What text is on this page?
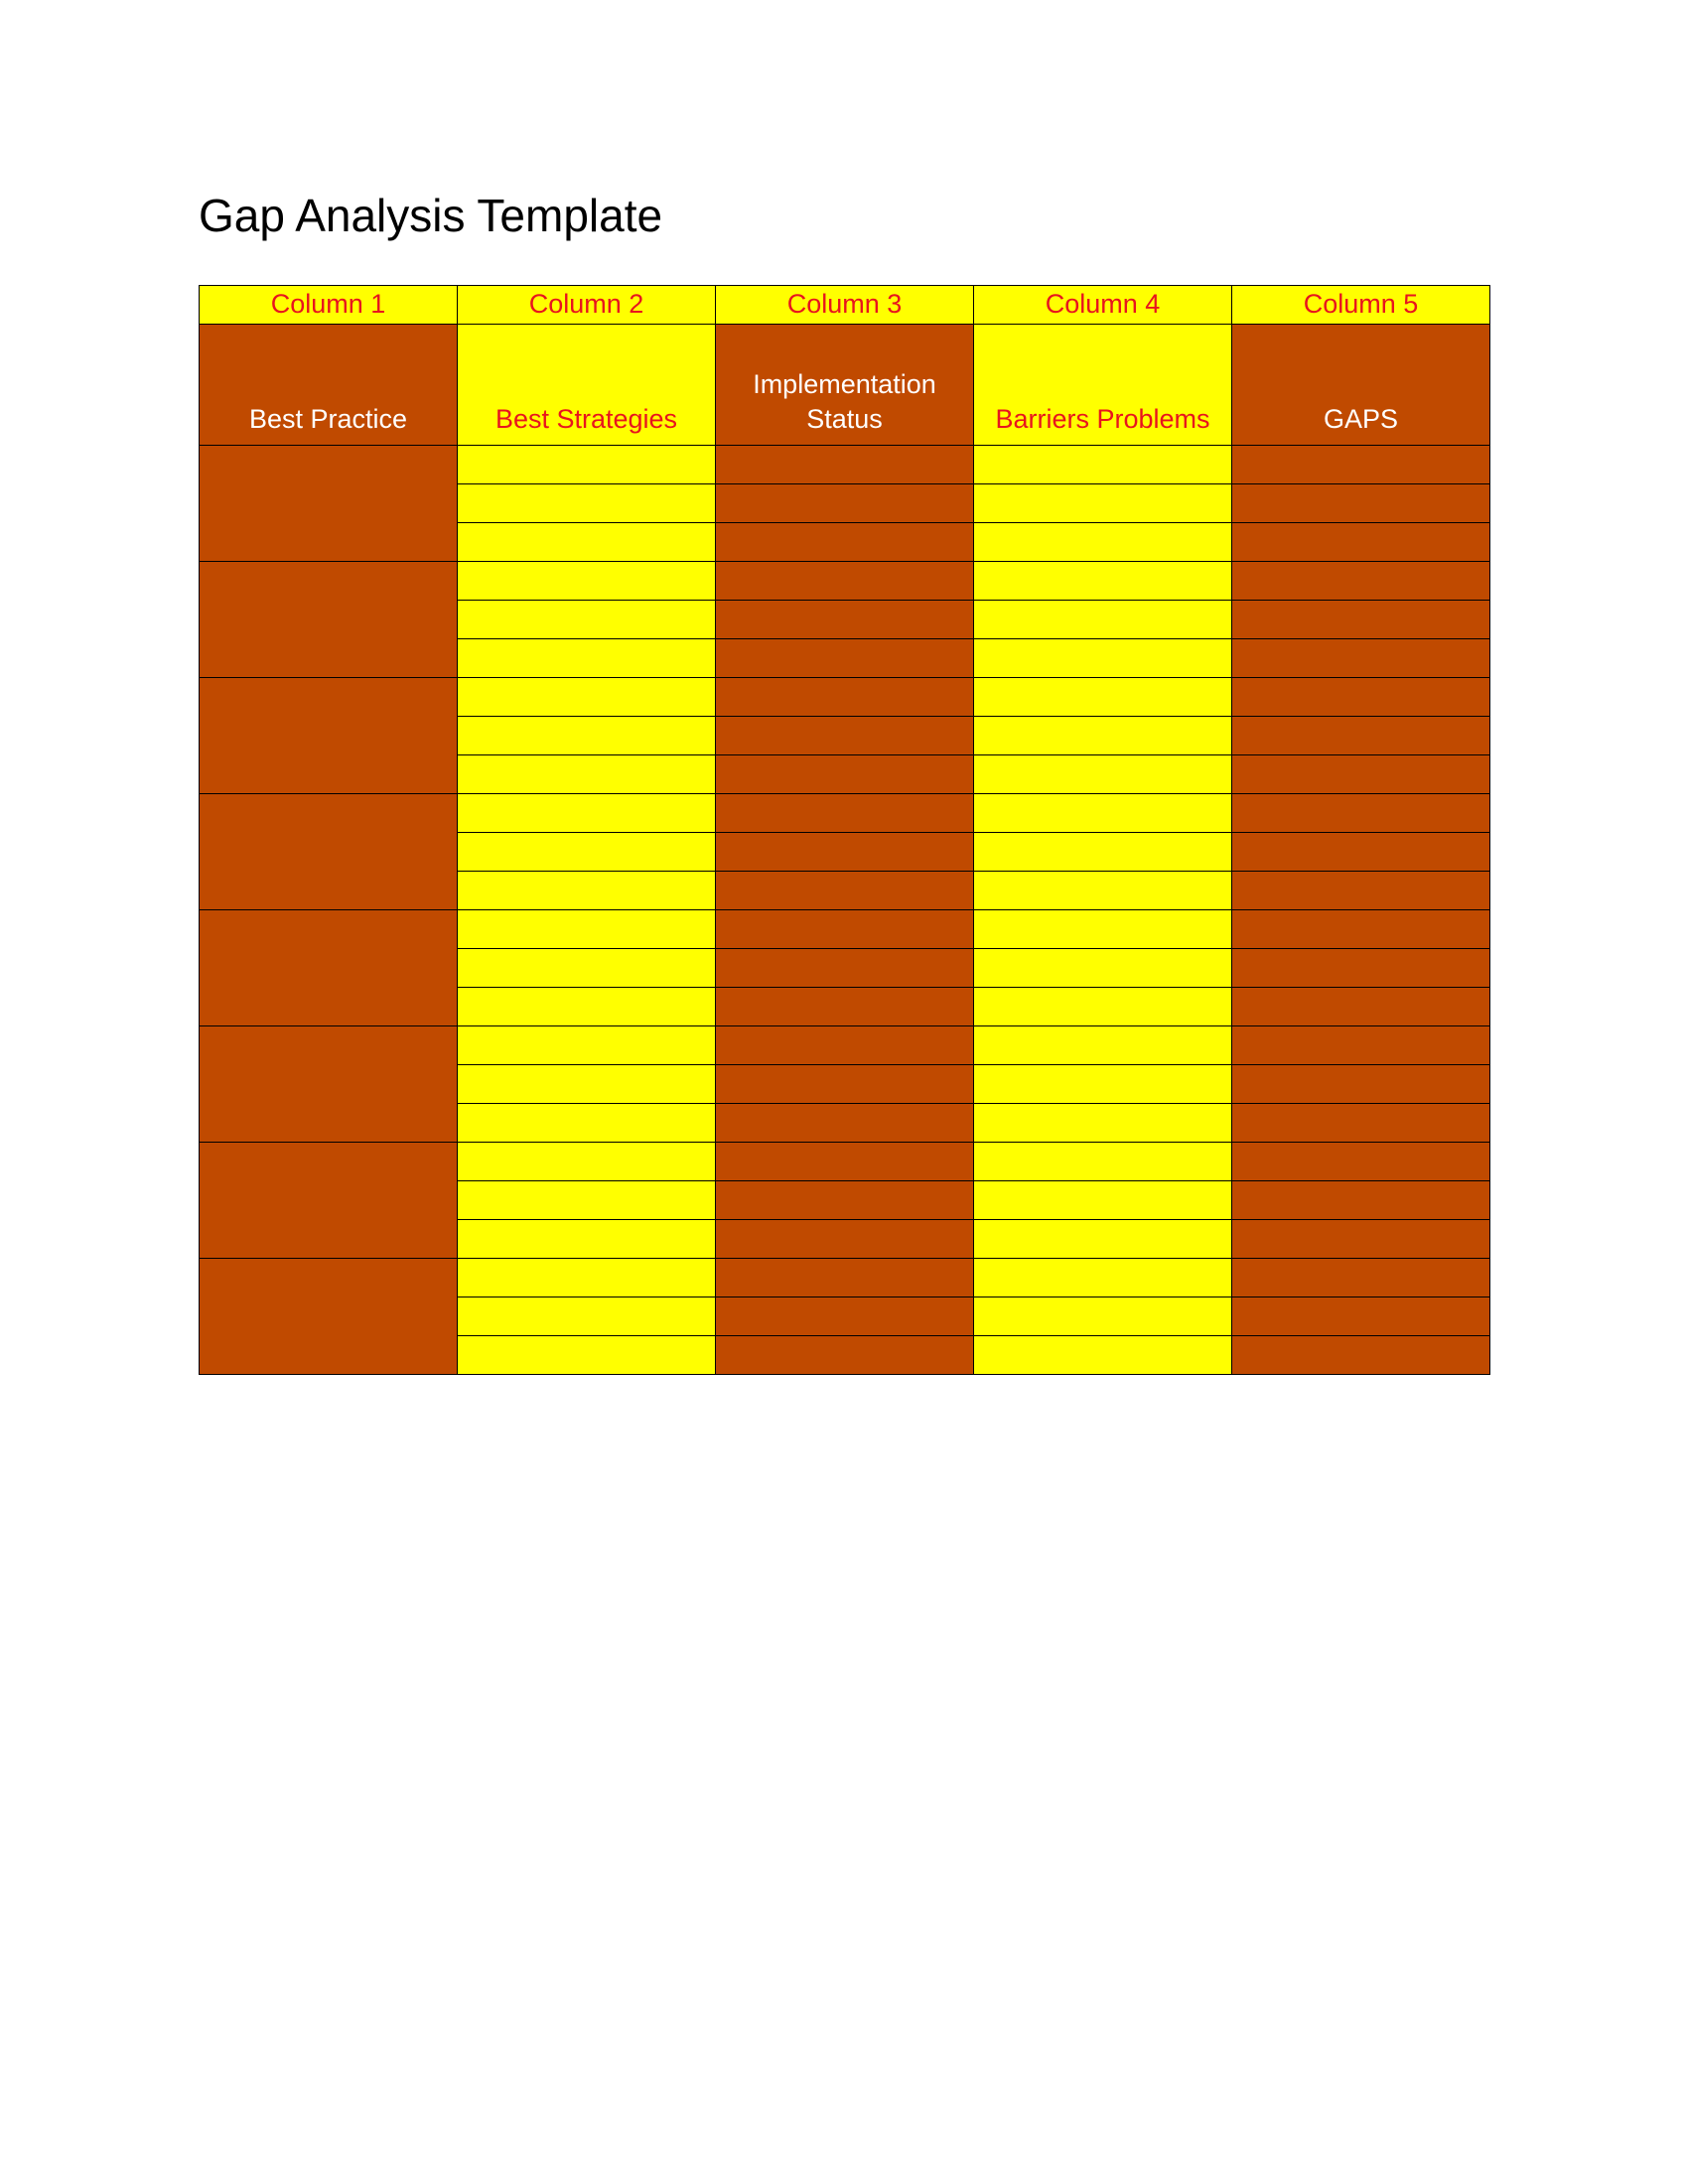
Gap Analysis Template
Column 1	Column 2	Column 3	Column 4	Column 5
Best Practice	Best Strategies	Implementation Status	Barriers Problems	GAPS
